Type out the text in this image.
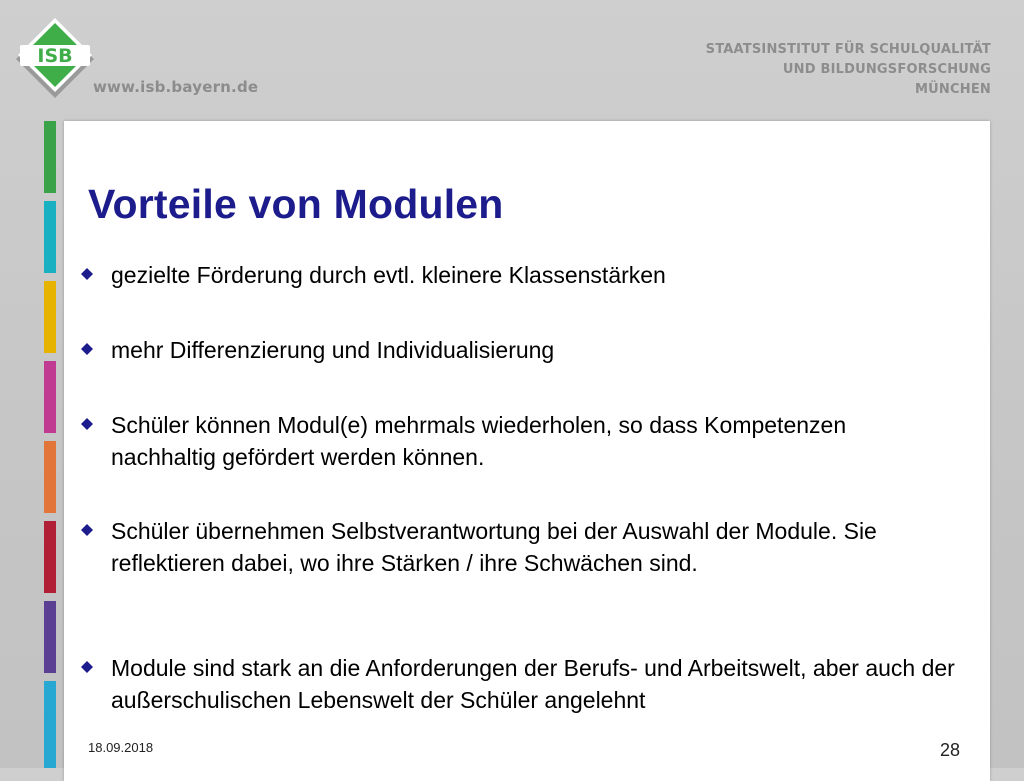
ISB
www.isb.bayern.de
STAATSINSTITUT FÜR SCHULQUALITÄT
UND BILDUNGSFORSCHUNG
MÜNCHEN
Vorteile von Modulen
gezielte Förderung durch evtl. kleinere Klassenstärken
mehr Differenzierung und Individualisierung
Schüler können Modul(e) mehrmals wiederholen, so dass Kompetenzen nachhaltig gefördert werden können.
Schüler übernehmen Selbstverantwortung bei der Auswahl der Module. Sie reflektieren dabei, wo ihre Stärken / ihre Schwächen sind.
Module sind stark an die Anforderungen der Berufs- und Arbeitswelt, aber auch der außerschulischen Lebenswelt der Schüler angelehnt
18.09.2018	28
